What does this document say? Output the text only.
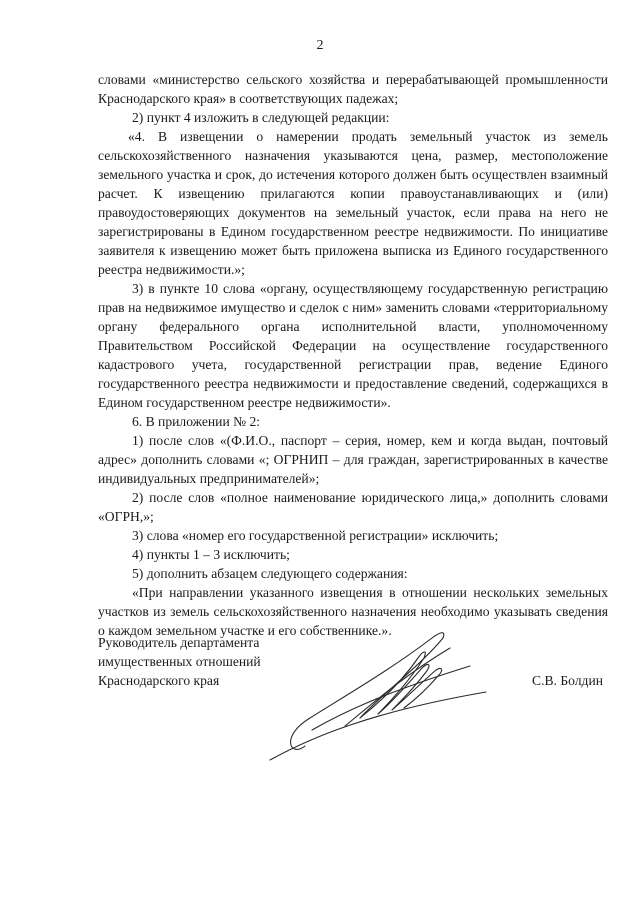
2

словами «министерство сельского хозяйства и перерабатывающей промышленности Краснодарского края» в соответствующих падежах;

2) пункт 4 изложить в следующей редакции:

«4. В извещении о намерении продать земельный участок из земель сельскохозяйственного назначения указываются цена, размер, местоположение земельного участка и срок, до истечения которого должен быть осуществлен взаимный расчет. К извещению прилагаются копии правоустанавливающих и (или) правоудостоверяющих документов на земельный участок, если права на него не зарегистрированы в Едином государственном реестре недвижимости. По инициативе заявителя к извещению может быть приложена выписка из Единого государственного реестра недвижимости.»;

3) в пункте 10 слова «органу, осуществляющему государственную регистрацию прав на недвижимое имущество и сделок с ним» заменить словами «территориальному органу федерального органа исполнительной власти, уполномоченному Правительством Российской Федерации на осуществление государственного кадастрового учета, государственной регистрации прав, ведение Единого государственного реестра недвижимости и предоставление сведений, содержащихся в Едином государственном реестре недвижимости».

6. В приложении № 2:

1) после слов «(Ф.И.О., паспорт – серия, номер, кем и когда выдан, почтовый адрес» дополнить словами «; ОГРНИП – для граждан, зарегистрированных в качестве индивидуальных предпринимателей»;

2) после слов «полное наименование юридического лица,» дополнить словами «ОГРН,»;

3) слова «номер его государственной регистрации» исключить;

4) пункты 1 – 3 исключить;

5) дополнить абзацем следующего содержания:

«При направлении указанного извещения в отношении нескольких земельных участков из земель сельскохозяйственного назначения необходимо указывать сведения о каждом земельном участке и его собственнике.».

Руководитель департамента
имущественных отношений
Краснодарского края	С.В. Болдин
